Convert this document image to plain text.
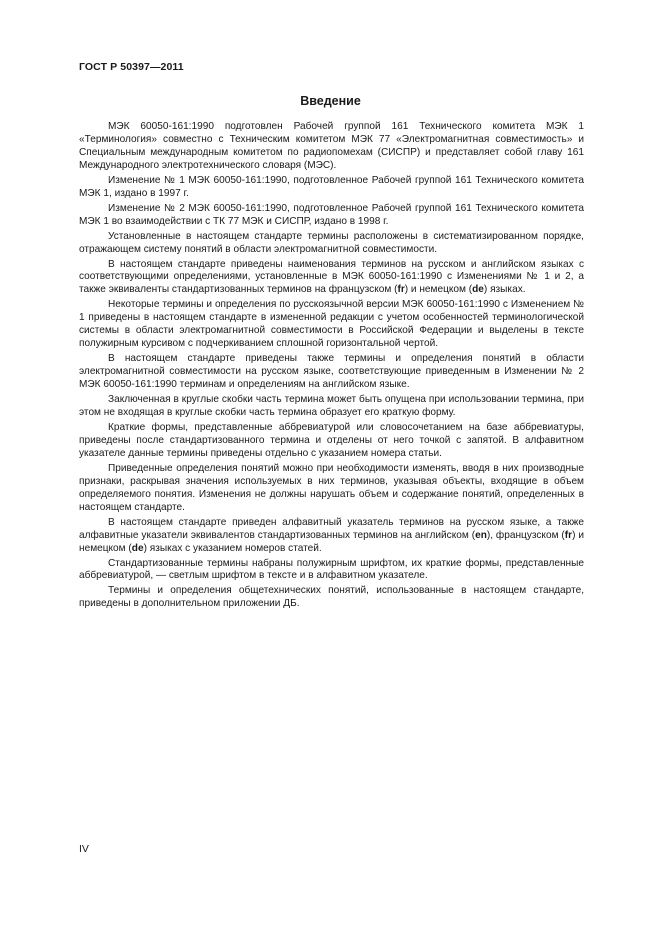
ГОСТ Р 50397—2011
Введение

МЭК 60050-161:1990 подготовлен Рабочей группой 161 Технического комитета МЭК 1 «Терминология» совместно с Техническим комитетом МЭК 77 «Электромагнитная совместимость» и Специальным международным комитетом по радиопомехам (СИСПР) и представляет собой главу 161 Международного электротехнического словаря (МЭС).

Изменение № 1 МЭК 60050-161:1990, подготовленное Рабочей группой 161 Технического комитета МЭК 1, издано в 1997 г.

Изменение № 2 МЭК 60050-161:1990, подготовленное Рабочей группой 161 Технического комитета МЭК 1 во взаимодействии с ТК 77 МЭК и СИСПР, издано в 1998 г.

Установленные в настоящем стандарте термины расположены в систематизированном порядке, отражающем систему понятий в области электромагнитной совместимости.

В настоящем стандарте приведены наименования терминов на русском и английском языках с соответствующими определениями, установленные в МЭК 60050-161:1990 с Изменениями № 1 и 2, а также эквиваленты стандартизованных терминов на французском (fr) и немецком (de) языках.

Некоторые термины и определения по русскоязычной версии МЭК 60050-161:1990 с Изменением № 1 приведены в настоящем стандарте в измененной редакции с учетом особенностей терминологической системы в области электромагнитной совместимости в Российской Федерации и выделены в тексте полужирным курсивом с подчеркиванием сплошной горизонтальной чертой.

В настоящем стандарте приведены также термины и определения понятий в области электромагнитной совместимости на русском языке, соответствующие приведенным в Изменении № 2 МЭК 60050-161:1990 терминам и определениям на английском языке.

Заключенная в круглые скобки часть термина может быть опущена при использовании термина, при этом не входящая в круглые скобки часть термина образует его краткую форму.

Краткие формы, представленные аббревиатурой или словосочетанием на базе аббревиатуры, приведены после стандартизованного термина и отделены от него точкой с запятой. В алфавитном указателе данные термины приведены отдельно с указанием номера статьи.

Приведенные определения понятий можно при необходимости изменять, вводя в них производные признаки, раскрывая значения используемых в них терминов, указывая объекты, входящие в объем определяемого понятия. Изменения не должны нарушать объем и содержание понятий, определенных в настоящем стандарте.

В настоящем стандарте приведен алфавитный указатель терминов на русском языке, а также алфавитные указатели эквивалентов стандартизованных терминов на английском (en), французском (fr) и немецком (de) языках с указанием номеров статей.

Стандартизованные термины набраны полужирным шрифтом, их краткие формы, представленные аббревиатурой, — светлым шрифтом в тексте и в алфавитном указателе.

Термины и определения общетехнических понятий, использованные в настоящем стандарте, приведены в дополнительном приложении ДБ.

IV
